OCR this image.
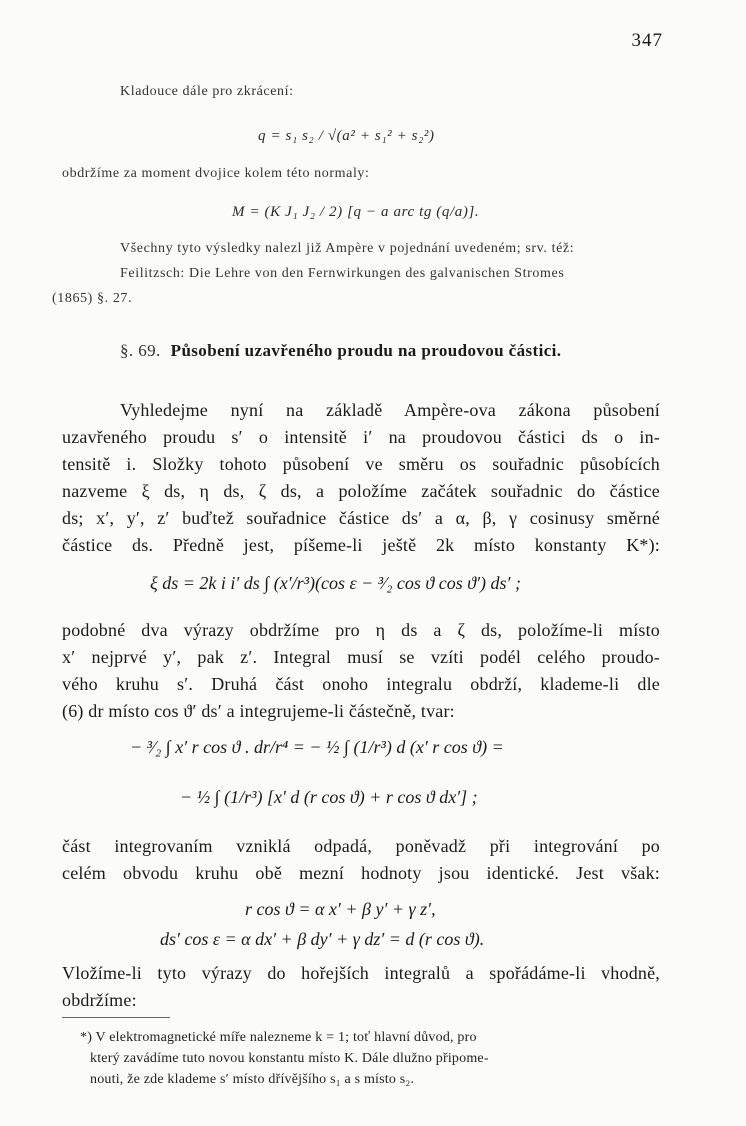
347
Kladouce dále pro zkrácení:
q = s₁ s₂ / √(a² + s₁² + s₂²)
obdržíme za moment dvojice kolem této normaly:
M = (K J₁ J₂ / 2) [q − a arc tg (q/a)].
Všechny tyto výsledky nalezl již Ampère v pojednání uvedeném; srv. též:
Feilitzsch: Die Lehre von den Fernwirkungen des galvanischen Stromes
(1865) §. 27.
§. 69. Působení uzavřeného proudu na proudovou částici.
Vyhledejme nyní na základě Ampère-ova zákona působení
uzavřeného proudu s′ o intensitě i′ na proudovou částici ds o in-
tensitě i. Složky tohoto působení ve směru os souřadnic působících
nazveme ξ ds, η ds, ζ ds, a položíme začátek souřadnic do částice
ds; x′, y′, z′ buďtež souřadnice částice ds′ a α, β, γ cosinusy směrné
částice ds. Předně jest, píšeme-li ještě 2k místo konstanty K*):
ξ ds = 2k i i′ ds ∫ (x′/r³)(cos ε − ³⁄₂ cos ϑ cos ϑ′) ds′ ;
podobné dva výrazy obdržíme pro η ds a ζ ds, položíme-li místo
x′ nejprvé y′, pak z′. Integral musí se vzíti podél celého proudo-
vého kruhu s′. Druhá část onoho integralu obdrží, klademe-li dle
(6) dr místo cos ϑ′ ds′ a integrujeme-li částečně, tvar:
− ³⁄₂ ∫ x′ r cos ϑ . dr/r⁴ = − ½ ∫ (1/r³) d (x′ r cos ϑ) =
− ½ ∫ (1/r³) [x′ d (r cos ϑ) + r cos ϑ dx′] ;
část integrovaním vzniklá odpadá, poněvadž při integrování po
celém obvodu kruhu obě mezní hodnoty jsou identické. Jest však:
r cos ϑ = α x′ + β y′ + γ z′,
ds′ cos ε = α dx′ + β dy′ + γ dz′ = d (r cos ϑ).
Vložíme-li tyto výrazy do hořejších integralů a spořádáme-li vhodně,
obdržíme:
*) V elektromagnetické míře nalezneme k = 1; toť hlavní důvod, pro
který zavádíme tuto novou konstantu místo K. Dále dlužno připome-
nouti, že zde klademe s′ místo dřívějšího s₁ a s místo s₂.
